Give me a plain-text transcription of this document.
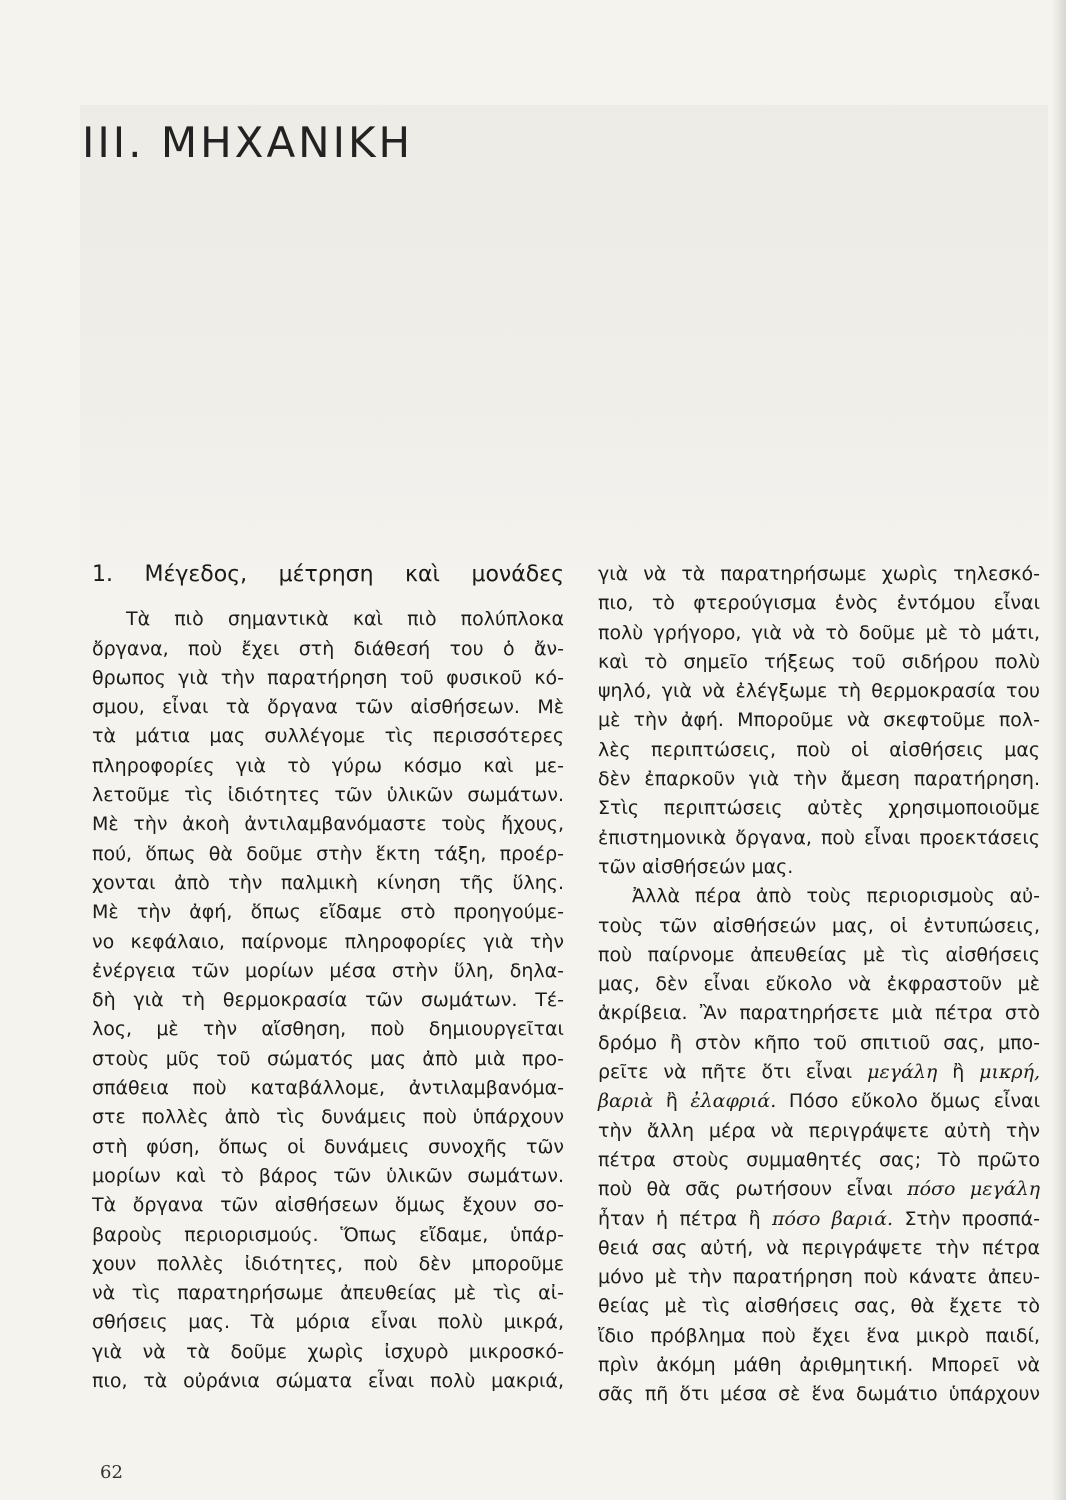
III. ΜΗΧΑΝΙΚΗ
1. Μέγεδος, μέτρηση καὶ μονάδες
Τὰ πιὸ σημαντικὰ καὶ πιὸ πολύπλοκα
ὄργανα, ποὺ ἔχει στὴ διάθεσή του ὁ ἄν-
θρωπος γιὰ τὴν παρατήρηση τοῦ φυσικοῦ κό-
σμου, εἶναι τὰ ὄργανα τῶν αἰσθήσεων. Μὲ
τὰ μάτια μας συλλέγομε τὶς περισσότερες
πληροφορίες γιὰ τὸ γύρω κόσμο καὶ με-
λετοῦμε τὶς ἰδιότητες τῶν ὑλικῶν σωμάτων.
Μὲ τὴν ἀκοὴ ἀντιλαμβανόμαστε τοὺς ἤχους,
πού, ὅπως θὰ δοῦμε στὴν ἕκτη τάξη, προέρ-
χονται ἀπὸ τὴν παλμικὴ κίνηση τῆς ὕλης.
Μὲ τὴν ἀφή, ὅπως εἴδαμε στὸ προηγούμε-
νο κεφάλαιο, παίρνομε πληροφορίες γιὰ τὴν
ἐνέργεια τῶν μορίων μέσα στὴν ὕλη, δηλα-
δὴ γιὰ τὴ θερμοκρασία τῶν σωμάτων. Τέ-
λος, μὲ τὴν αἴσθηση, ποὺ δημιουργεῖται
στοὺς μῦς τοῦ σώματός μας ἀπὸ μιὰ προ-
σπάθεια ποὺ καταβάλλομε, ἀντιλαμβανόμα-
στε πολλὲς ἀπὸ τὶς δυνάμεις ποὺ ὑπάρχουν
στὴ φύση, ὅπως οἱ δυνάμεις συνοχῆς τῶν
μορίων καὶ τὸ βάρος τῶν ὑλικῶν σωμάτων.
Τὰ ὄργανα τῶν αἰσθήσεων ὅμως ἔχουν σο-
βαροὺς περιορισμούς. Ὅπως εἴδαμε, ὑπάρ-
χουν πολλὲς ἰδιότητες, ποὺ δὲν μποροῦμε
νὰ τὶς παρατηρήσωμε ἀπευθείας μὲ τὶς αἰ-
σθήσεις μας. Τὰ μόρια εἶναι πολὺ μικρά,
γιὰ νὰ τὰ δοῦμε χωρὶς ἰσχυρὸ μικροσκό-
πιο, τὰ οὐράνια σώματα εἶναι πολὺ μακριά,
γιὰ νὰ τὰ παρατηρήσωμε χωρὶς τηλεσκό-
πιο, τὸ φτερούγισμα ἑνὸς ἐντόμου εἶναι
πολὺ γρήγορο, γιὰ νὰ τὸ δοῦμε μὲ τὸ μάτι,
καὶ τὸ σημεῖο τήξεως τοῦ σιδήρου πολὺ
ψηλό, γιὰ νὰ ἐλέγξωμε τὴ θερμοκρασία του
μὲ τὴν ἀφή. Μποροῦμε νὰ σκεφτοῦμε πολ-
λὲς περιπτώσεις, ποὺ οἱ αἰσθήσεις μας
δὲν ἐπαρκοῦν γιὰ τὴν ἄμεση παρατήρηση.
Στὶς περιπτώσεις αὐτὲς χρησιμοποιοῦμε
ἐπιστημονικὰ ὄργανα, ποὺ εἶναι προεκτάσεις
τῶν αἰσθήσεών μας.
Ἀλλὰ πέρα ἀπὸ τοὺς περιορισμοὺς αὐ-
τοὺς τῶν αἰσθήσεών μας, οἱ ἐντυπώσεις,
ποὺ παίρνομε ἀπευθείας μὲ τὶς αἰσθήσεις
μας, δὲν εἶναι εὔκολο νὰ ἐκφραστοῦν μὲ
ἀκρίβεια. Ἂν παρατηρήσετε μιὰ πέτρα στὸ
δρόμο ἢ στὸν κῆπο τοῦ σπιτιοῦ σας, μπο-
ρεῖτε νὰ πῆτε ὅτι εἶναι μεγάλη ἢ μικρή,
βαριὰ ἢ ἐλαφριά. Πόσο εὔκολο ὅμως εἶναι
τὴν ἄλλη μέρα νὰ περιγράψετε αὐτὴ τὴν
πέτρα στοὺς συμμαθητές σας; Τὸ πρῶτο
ποὺ θὰ σᾶς ρωτήσουν εἶναι πόσο μεγάλη
ἦταν ἡ πέτρα ἢ πόσο βαριά. Στὴν προσπά-
θειά σας αὐτή, νὰ περιγράψετε τὴν πέτρα
μόνο μὲ τὴν παρατήρηση ποὺ κάνατε ἀπευ-
θείας μὲ τὶς αἰσθήσεις σας, θὰ ἔχετε τὸ
ἴδιο πρόβλημα ποὺ ἔχει ἕνα μικρὸ παιδί,
πρὶν ἀκόμη μάθη ἀριθμητική. Μπορεῖ νὰ
σᾶς πῆ ὅτι μέσα σὲ ἕνα δωμάτιο ὑπάρχουν
62
